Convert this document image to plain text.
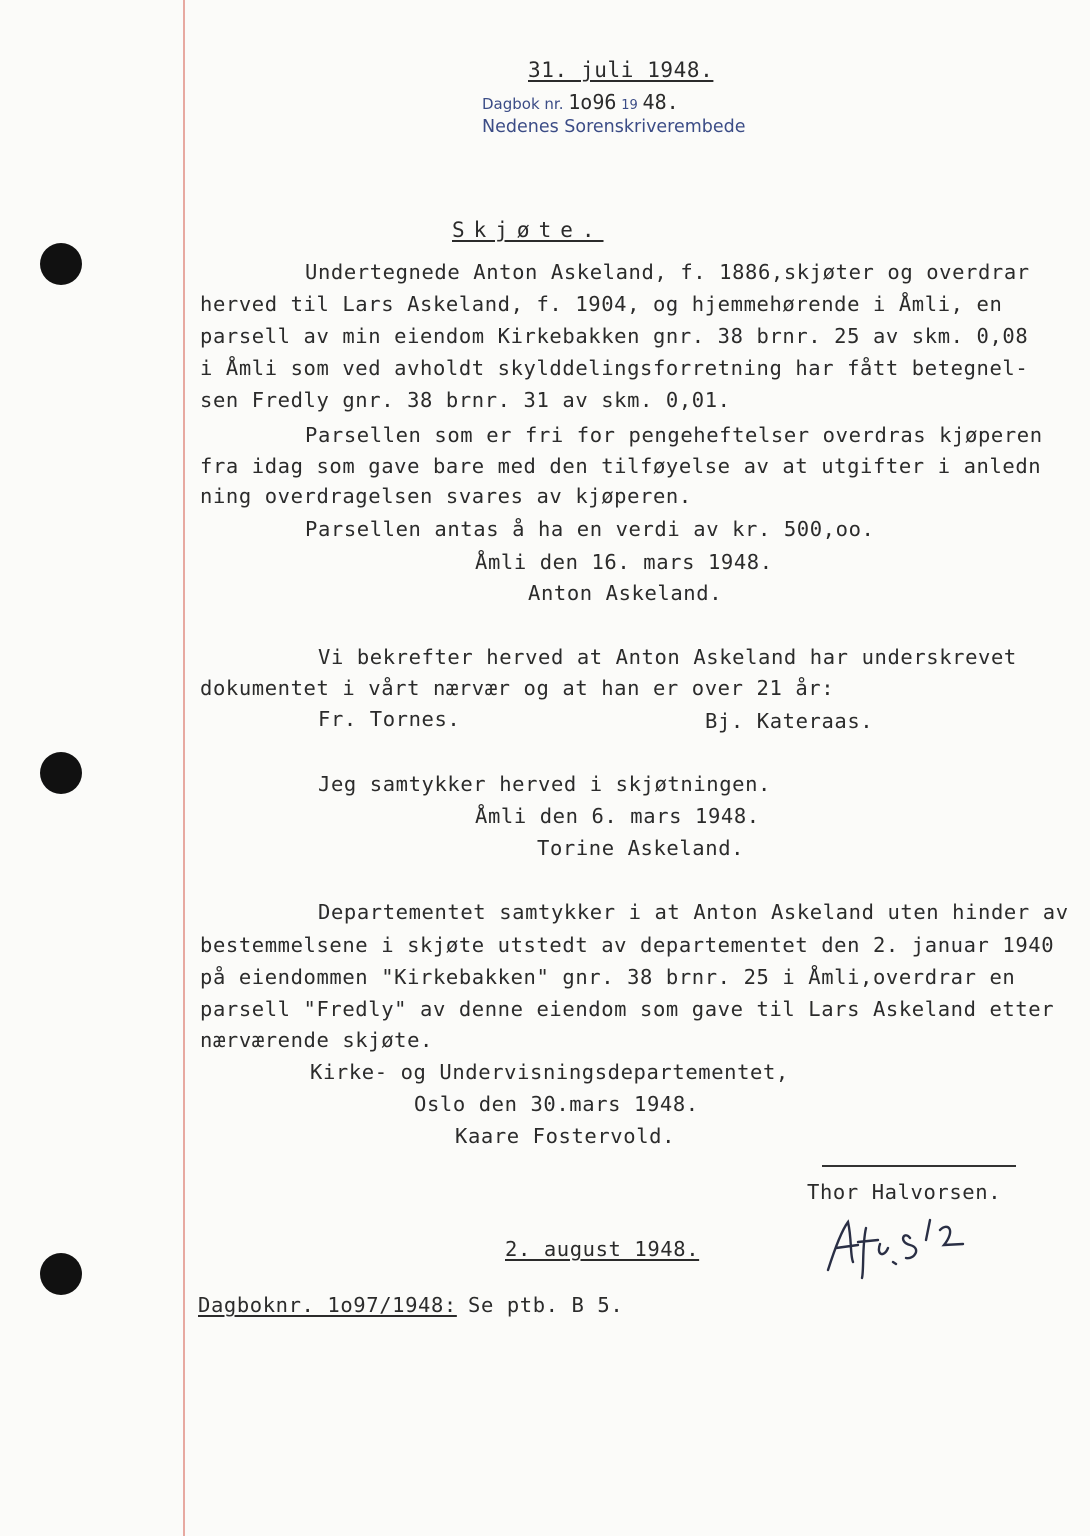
31. juli 1948.
Dagbok nr. 1o96 19 48.
Nedenes Sorenskriverembede
Skjøte.
Undertegnede Anton Askeland, f. 1886,skjøter og overdrar
herved til Lars Askeland, f. 1904, og hjemmehørende i Åmli, en
parsell av min eiendom Kirkebakken gnr. 38 brnr. 25 av skm. 0,08
i Åmli som ved avholdt skylddelingsforretning har fått betegnel-
sen Fredly gnr. 38 brnr. 31 av skm. 0,01.
Parsellen som er fri for pengeheftelser overdras kjøperen
fra idag som gave bare med den tilføyelse av at utgifter i anledn
ning overdragelsen svares av kjøperen.
Parsellen antas å ha en verdi av kr. 500,oo.
Åmli den 16. mars 1948.
Anton Askeland.
Vi bekrefter herved at Anton Askeland har underskrevet
dokumentet i vårt nærvær og at han er over 21 år:
Fr. Tornes.	Bj. Kateraas.
Jeg samtykker herved i skjøtningen.
Åmli den 6. mars 1948.
Torine Askeland.
Departementet samtykker i at Anton Askeland uten hinder av
bestemmelsene i skjøte utstedt av departementet den 2. januar 1940
på eiendommen "Kirkebakken" gnr. 38 brnr. 25 i Åmli,overdrar en
parsell "Fredly" av denne eiendom som gave til Lars Askeland etter
nærværende skjøte.
Kirke- og Undervisningsdepartementet,
Oslo den 30.mars 1948.
Kaare Fostervold.
Thor Halvorsen.
2. august 1948.
Dagboknr. 1o97/1948: Se ptb. B 5.
